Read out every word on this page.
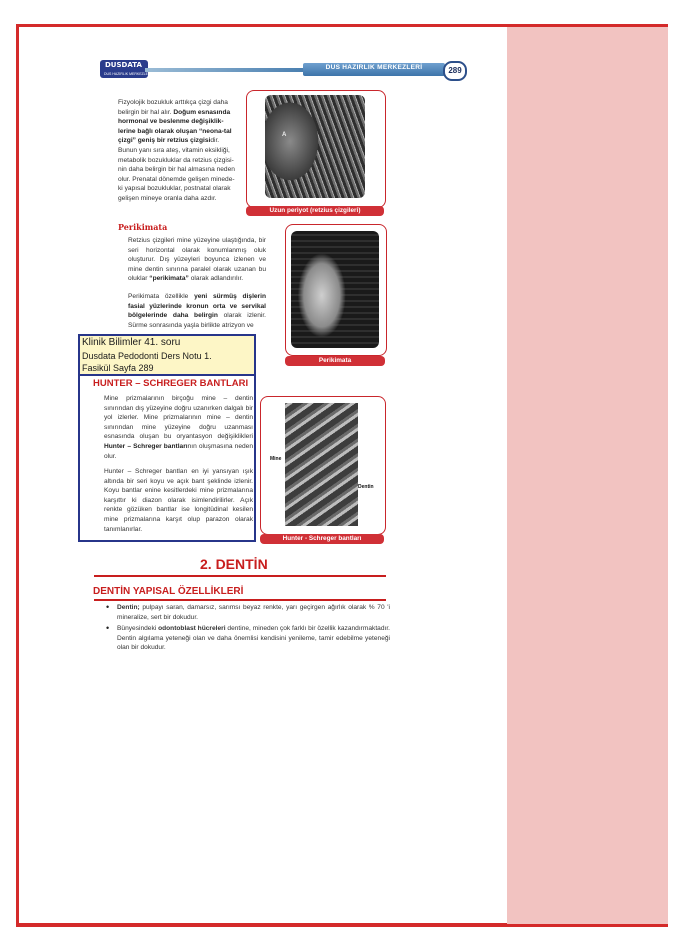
DUSDATA
DUS HAZIRLIK MERKEZLERİ
DUS HAZIRLIK MERKEZLERİ	289
Fizyolojik bozukluk arttıkça çizgi daha belirgin bir hal alır. Doğum esnasında hormonal ve beslenme değişiklik-lerine bağlı olarak oluşan “neona-tal çizgi” geniş bir retzius çizgisidir. Bunun yanı sıra ateş, vitamin eksikliği, metabolik bozukluklar da retzius çizgisi-nin daha belirgin bir hal almasına neden olur. Prenatal dönemde gelişen minede-ki yapısal bozukluklar, postnatal olarak gelişen mineye oranla daha azdır.
A
Uzun periyot (retzius çizgileri)
Perikimata
Retzius çizgileri mine yüzeyine ulaştığında, bir seri horizontal olarak konumlanmış oluk oluşturur. Dış yüzeyleri boyunca izlenen ve mine dentin sınırına paralel olarak uzanan bu oluklar “perikimata” olarak adlandırılır.
Perikimata özellikle yeni sürmüş dişlerin fasial yüzlerinde kronun orta ve servikal bölgelerinde daha belirgin olarak izlenir. Sürme sonrasında yaşla birlikte atrizyon ve
Perikimata
Klinik Bilimler 41. soru
Dusdata Pedodonti Ders Notu 1.
Fasikül Sayfa 289
HUNTER – SCHREGER BANTLARI
Mine prizmalarının birçoğu mine – dentin sınırından dış yüzeyine doğru uzanırken dalgalı bir yol izlerler. Mine prizmalarının mine – dentin sınırından mine yüzeyine doğru uzanması esnasında oluşan bu oryantasyon değişiklikleri Hunter – Schreger bantlarının oluşmasına neden olur.
Hunter – Schreger bantları en iyi yansıyan ışık altında bir seri koyu ve açık bant şeklinde izlenir. Koyu bantlar enine kesitlerdeki mine prizmalarına karşıttır ki diazon olarak isimlendirilirler. Açık renkte gözüken bantlar ise longitüdinal kesilen mine prizmalarına karşıt olup parazon olarak tanımlanırlar.
Mine
Dentin
Hunter - Schreger bantları
2. DENTİN
DENTİN YAPISAL ÖZELLİKLERİ
• Dentin; pulpayı saran, damarsız, sarımsı beyaz renkte, yarı geçirgen ağırlık olarak % 70 'i mineralize, sert bir dokudur.
• Bünyesindeki odontoblast hücreleri dentine, mineden çok farklı bir özellik kazandırmaktadır. Dentin algılama yeteneği olan ve daha önemlisi kendisini yenileme, tamir edebilme yeteneği olan bir dokudur.
